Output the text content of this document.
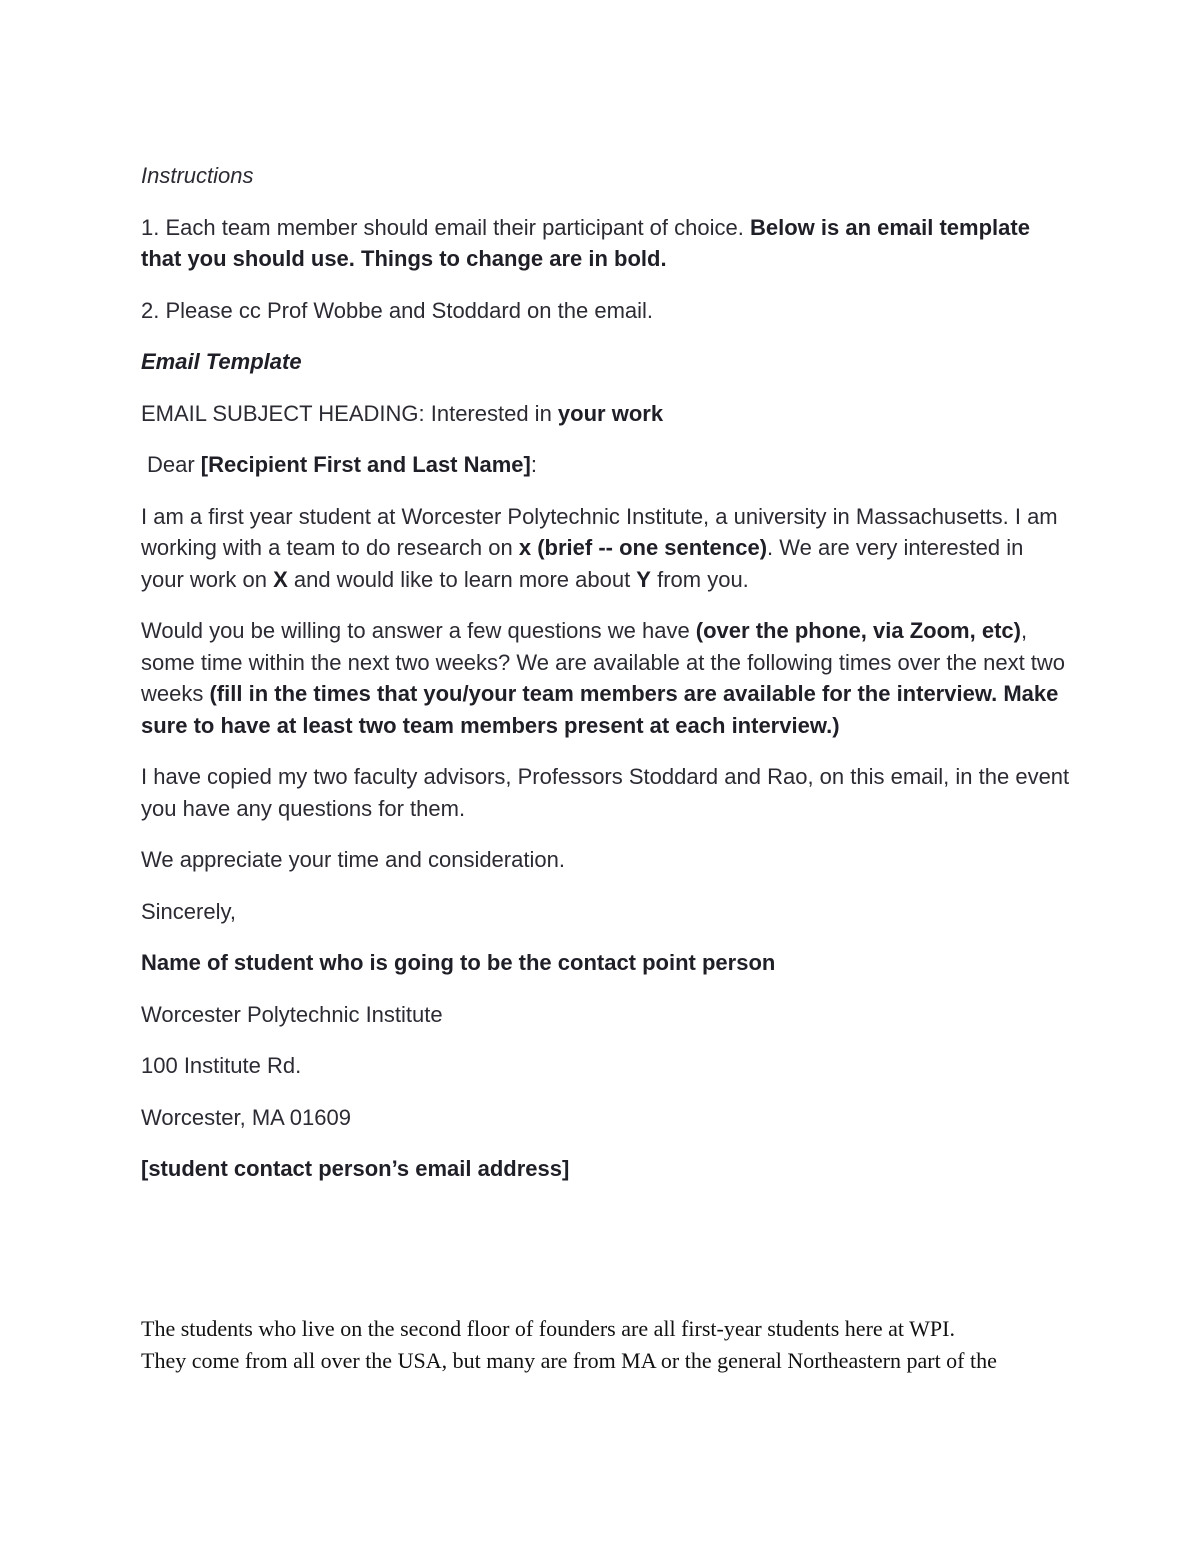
Instructions

1. Each team member should email their participant of choice. Below is an email template that you should use. Things to change are in bold.

2. Please cc Prof Wobbe and Stoddard on the email.

Email Template

EMAIL SUBJECT HEADING: Interested in your work

Dear [Recipient First and Last Name]:

I am a first year student at Worcester Polytechnic Institute, a university in Massachusetts. I am working with a team to do research on x (brief -- one sentence). We are very interested in your work on X and would like to learn more about Y from you.

Would you be willing to answer a few questions we have (over the phone, via Zoom, etc), some time within the next two weeks? We are available at the following times over the next two weeks (fill in the times that you/your team members are available for the interview. Make sure to have at least two team members present at each interview.)

I have copied my two faculty advisors, Professors Stoddard and Rao, on this email, in the event you have any questions for them.

We appreciate your time and consideration.

Sincerely,

Name of student who is going to be the contact point person

Worcester Polytechnic Institute

100 Institute Rd.

Worcester, MA 01609

[student contact person’s email address]

The students who live on the second floor of founders are all first-year students here at WPI.

They come from all over the USA, but many are from MA or the general Northeastern part of the
